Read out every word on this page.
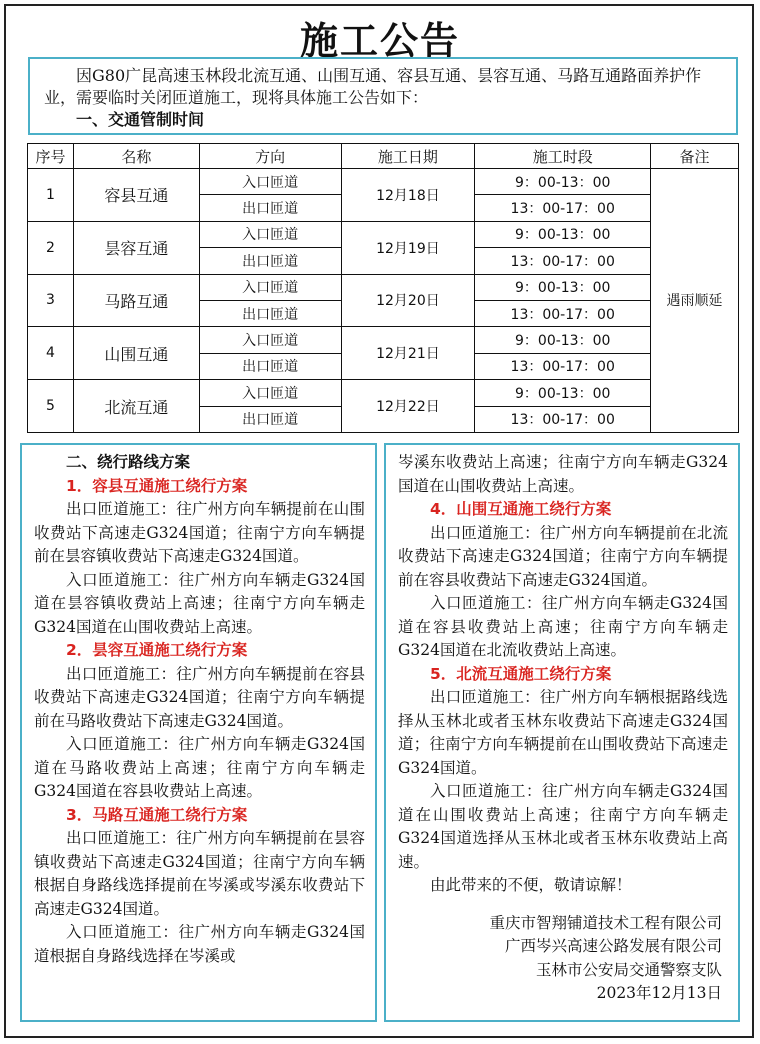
施工公告

因G80广昆高速玉林段北流互通、山围互通、容县互通、昙容互通、马路互通路面养护作业，需要临时关闭匝道施工，现将具体施工公告如下：

一、交通管制时间

序号	名称	方向	施工日期	施工时段	备注
1	容县互通	入口匝道	12月18日	9：00-13：00	遇雨顺延
		出口匝道		13：00-17：00	
2	昙容互通	入口匝道	12月19日	9：00-13：00	
		出口匝道		13：00-17：00	
3	马路互通	入口匝道	12月20日	9：00-13：00	
		出口匝道		13：00-17：00	
4	山围互通	入口匝道	12月21日	9：00-13：00	
		出口匝道		13：00-17：00	
5	北流互通	入口匝道	12月22日	9：00-13：00	
		出口匝道		13：00-17：00	

二、绕行路线方案

1．容县互通施工绕行方案

出口匝道施工：往广州方向车辆提前在山围收费站下高速走G324国道；往南宁方向车辆提前在昙容镇收费站下高速走G324国道。

入口匝道施工：往广州方向车辆走G324国道在昙容镇收费站上高速；往南宁方向车辆走G324国道在山围收费站上高速。

2．昙容互通施工绕行方案

出口匝道施工：往广州方向车辆提前在容县收费站下高速走G324国道；往南宁方向车辆提前在马路收费站下高速走G324国道。

入口匝道施工：往广州方向车辆走G324国道在马路收费站上高速；往南宁方向车辆走G324国道在容县收费站上高速。

3．马路互通施工绕行方案

出口匝道施工：往广州方向车辆提前在昙容镇收费站下高速走G324国道；往南宁方向车辆根据自身路线选择提前在岑溪或岑溪东收费站下高速走G324国道。

入口匝道施工：往广州方向车辆走G324国道根据自身路线选择在岑溪或

岑溪东收费站上高速；往南宁方向车辆走G324国道在山围收费站上高速。

4．山围互通施工绕行方案

出口匝道施工：往广州方向车辆提前在北流收费站下高速走G324国道；往南宁方向车辆提前在容县收费站下高速走G324国道。

入口匝道施工：往广州方向车辆走G324国道在容县收费站上高速；往南宁方向车辆走G324国道在北流收费站上高速。

5．北流互通施工绕行方案

出口匝道施工：往广州方向车辆根据路线选择从玉林北或者玉林东收费站下高速走G324国道；往南宁方向车辆提前在山围收费站下高速走G324国道。

入口匝道施工：往广州方向车辆走G324国道在山围收费站上高速；往南宁方向车辆走G324国道选择从玉林北或者玉林东收费站上高速。

由此带来的不便，敬请谅解！

重庆市智翔铺道技术工程有限公司

广西岑兴高速公路发展有限公司

玉林市公安局交通警察支队

2023年12月13日
